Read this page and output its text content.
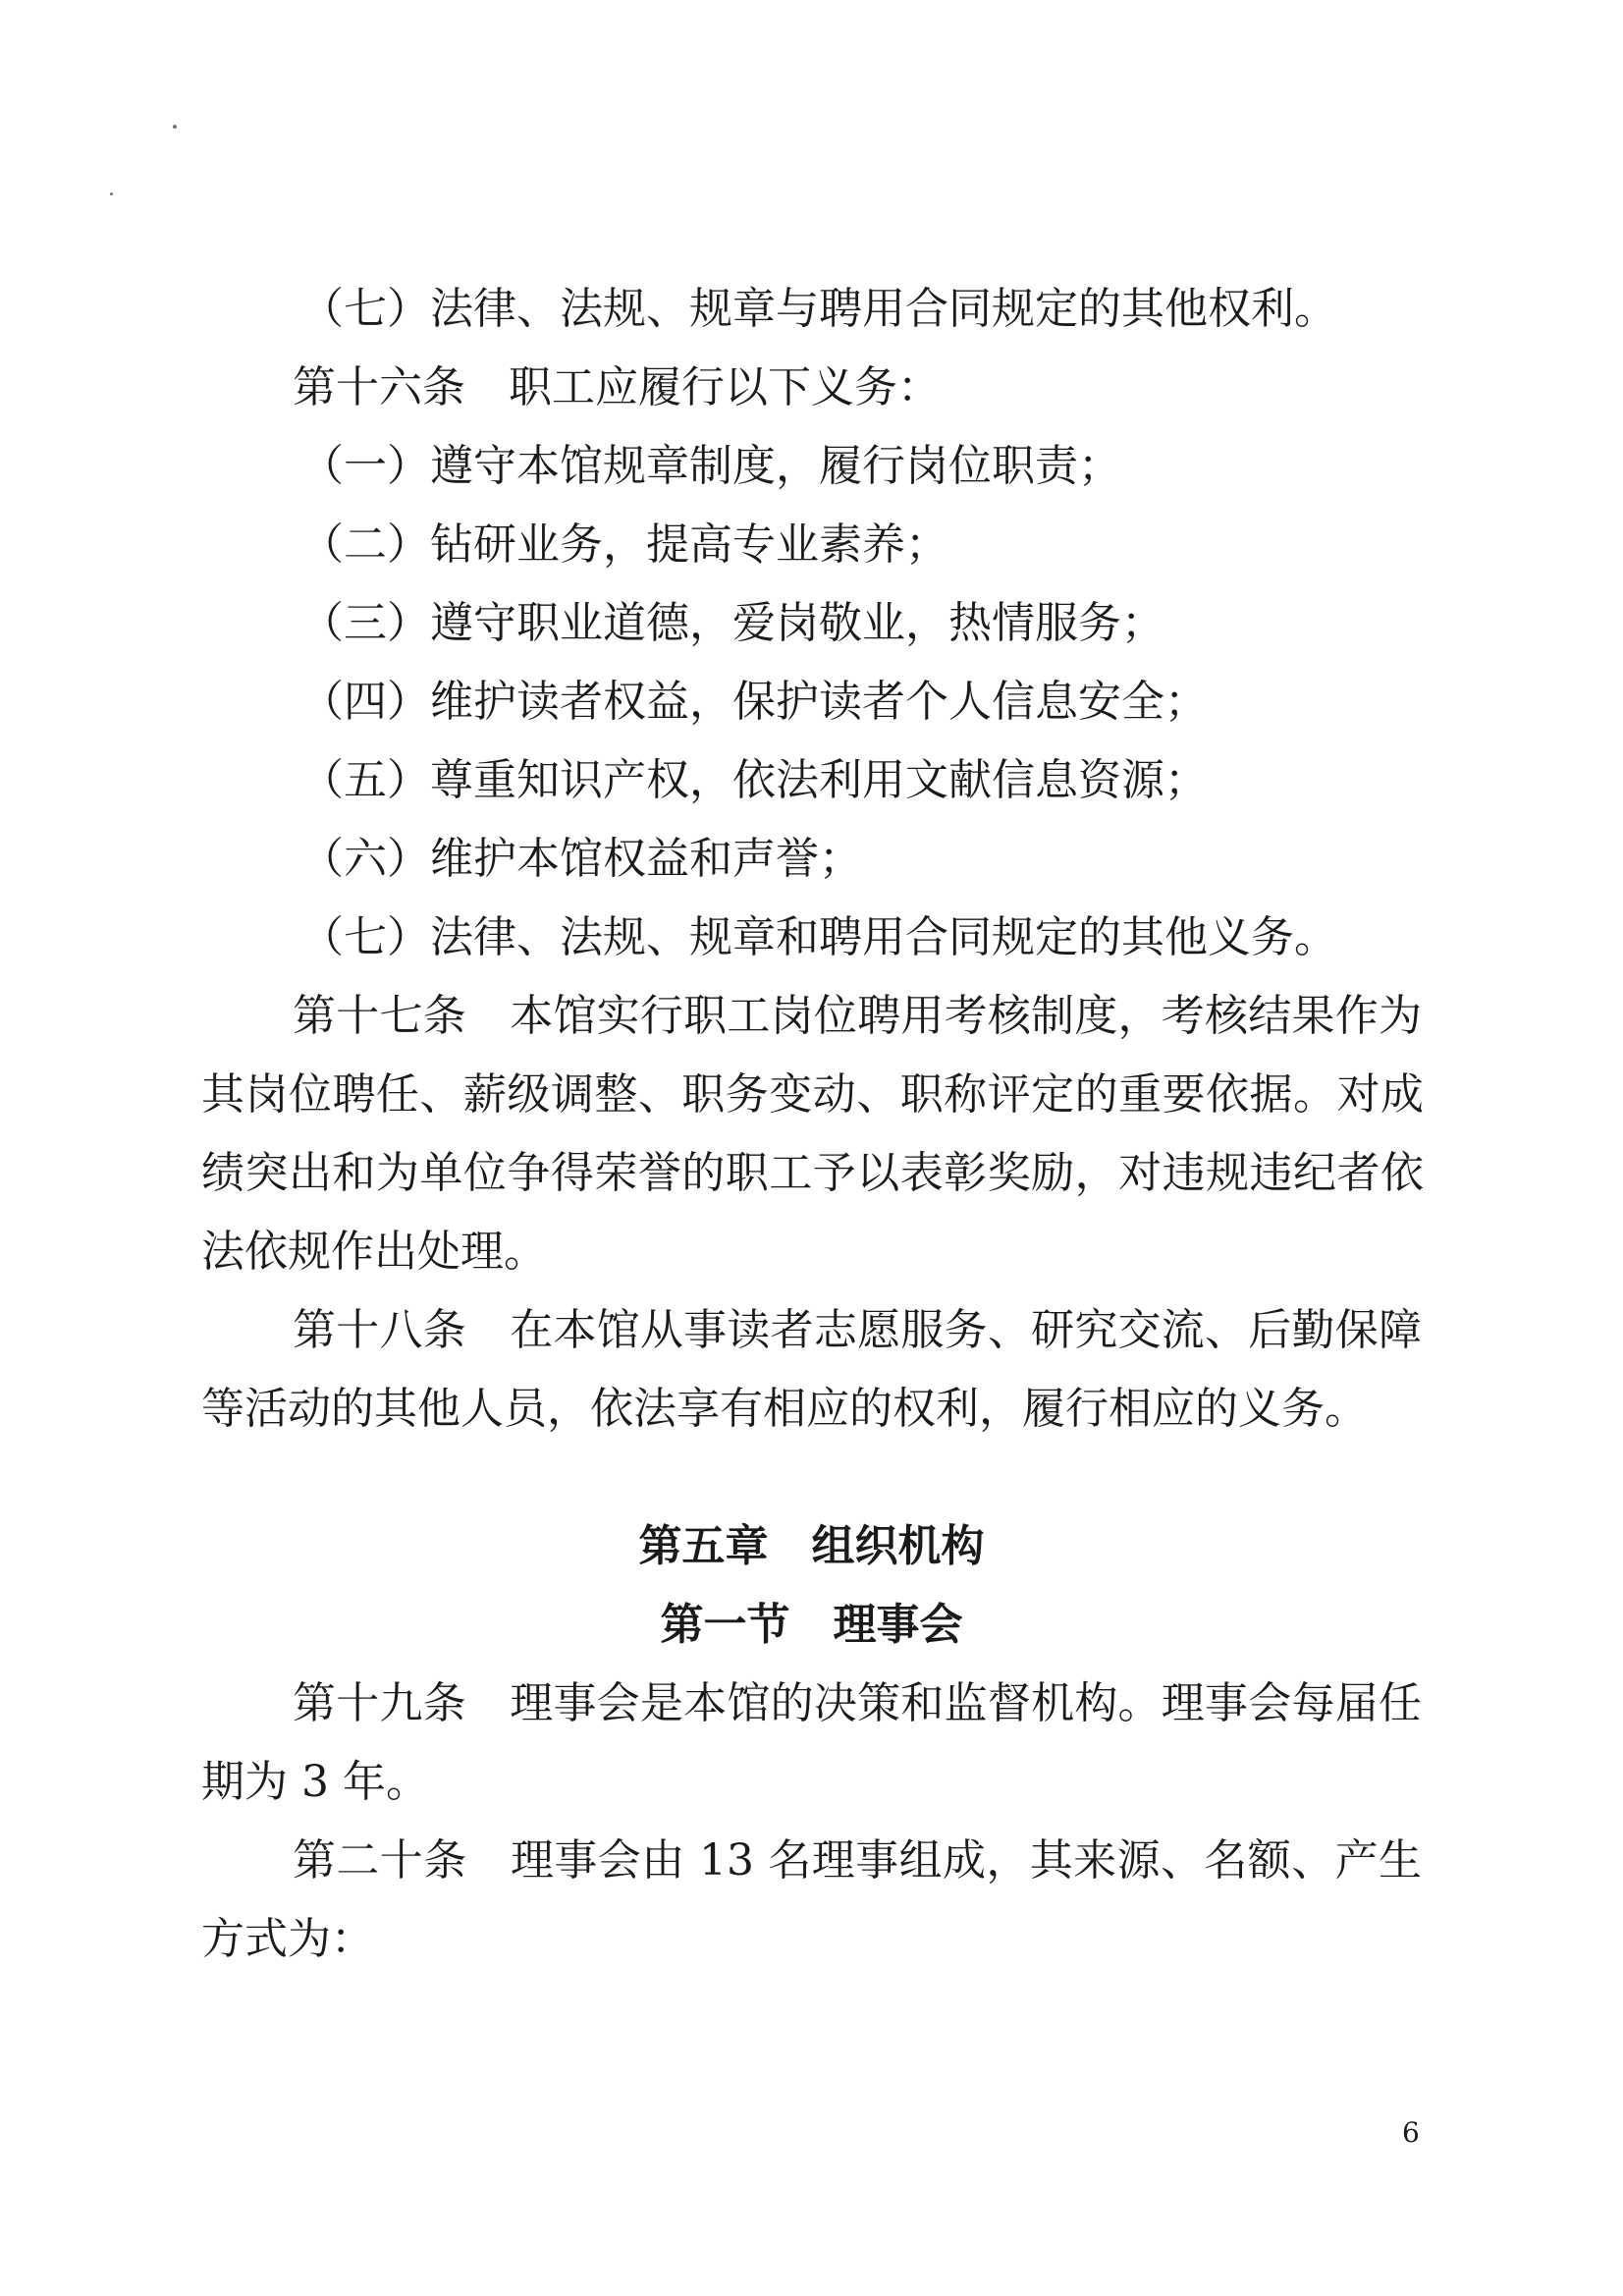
（七）法律、法规、规章与聘用合同规定的其他权利。
第十六条　职工应履行以下义务：
（一）遵守本馆规章制度，履行岗位职责；
（二）钻研业务，提高专业素养；
（三）遵守职业道德，爱岗敬业，热情服务；
（四）维护读者权益，保护读者个人信息安全；
（五）尊重知识产权，依法利用文献信息资源；
（六）维护本馆权益和声誉；
（七）法律、法规、规章和聘用合同规定的其他义务。
第十七条　本馆实行职工岗位聘用考核制度，考核结果作为
其岗位聘任、薪级调整、职务变动、职称评定的重要依据。对成
绩突出和为单位争得荣誉的职工予以表彰奖励，对违规违纪者依
法依规作出处理。
第十八条　在本馆从事读者志愿服务、研究交流、后勤保障
等活动的其他人员，依法享有相应的权利，履行相应的义务。
第五章　组织机构
第一节　理事会
第十九条　理事会是本馆的决策和监督机构。理事会每届任
期为 3 年。
第二十条　理事会由 13 名理事组成，其来源、名额、产生
方式为：
6
